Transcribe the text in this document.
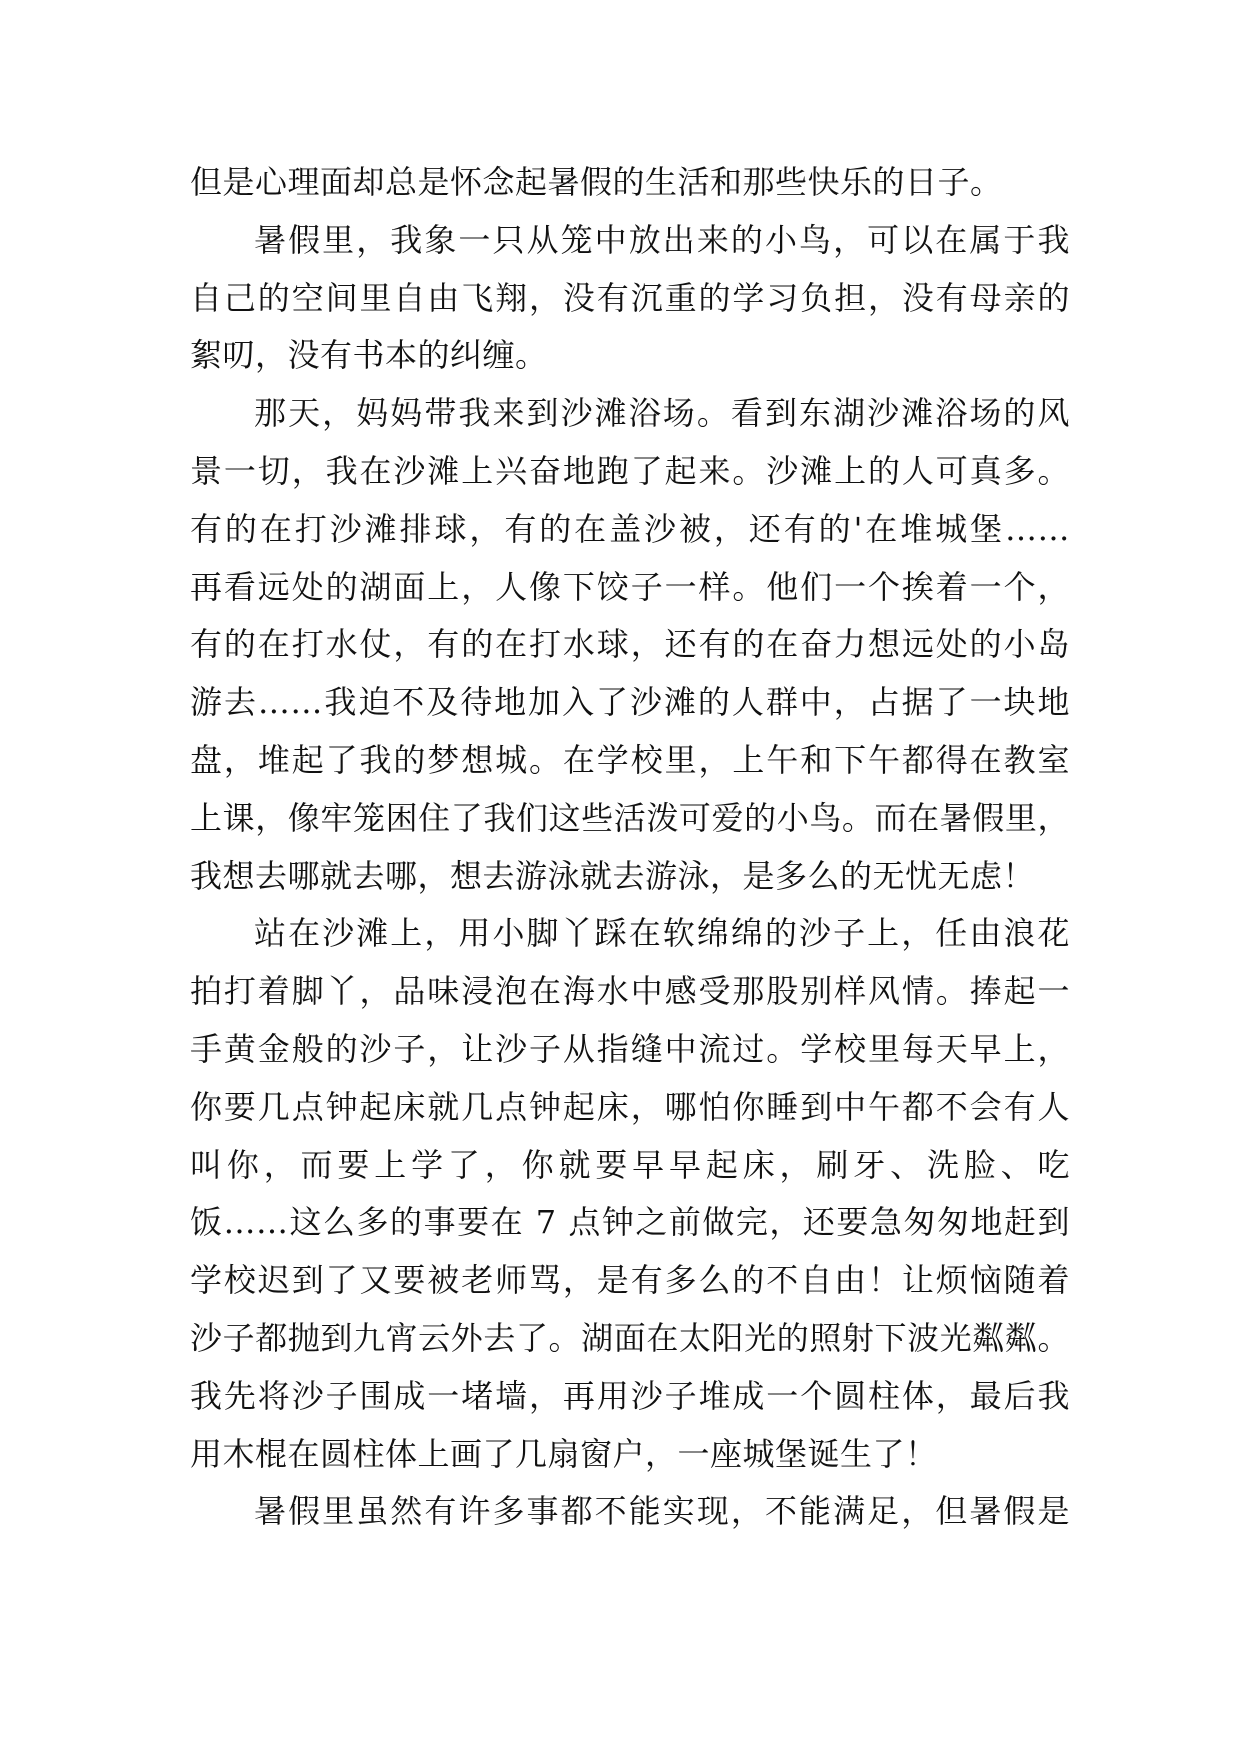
但是心理面却总是怀念起暑假的生活和那些快乐的日子。
暑假里，我象一只从笼中放出来的小鸟，可以在属于我
自己的空间里自由飞翔，没有沉重的学习负担，没有母亲的
絮叨，没有书本的纠缠。
那天，妈妈带我来到沙滩浴场。看到东湖沙滩浴场的风
景一切，我在沙滩上兴奋地跑了起来。沙滩上的人可真多。
有的在打沙滩排球，有的在盖沙被，还有的'在堆城堡……
再看远处的湖面上，人像下饺子一样。他们一个挨着一个，
有的在打水仗，有的在打水球，还有的在奋力想远处的小岛
游去……我迫不及待地加入了沙滩的人群中，占据了一块地
盘，堆起了我的梦想城。在学校里，上午和下午都得在教室
上课，像牢笼困住了我们这些活泼可爱的小鸟。而在暑假里，
我想去哪就去哪，想去游泳就去游泳，是多么的无忧无虑！
站在沙滩上，用小脚丫踩在软绵绵的沙子上，任由浪花
拍打着脚丫，品味浸泡在海水中感受那股别样风情。捧起一
手黄金般的沙子，让沙子从指缝中流过。学校里每天早上，
你要几点钟起床就几点钟起床，哪怕你睡到中午都不会有人
叫你，而要上学了，你就要早早起床，刷牙、洗脸、吃
饭……这么多的事要在 7 点钟之前做完，还要急匆匆地赶到
学校迟到了又要被老师骂，是有多么的不自由！让烦恼随着
沙子都抛到九宵云外去了。湖面在太阳光的照射下波光粼粼。
我先将沙子围成一堵墙，再用沙子堆成一个圆柱体，最后我
用木棍在圆柱体上画了几扇窗户，一座城堡诞生了！
暑假里虽然有许多事都不能实现，不能满足，但暑假是
